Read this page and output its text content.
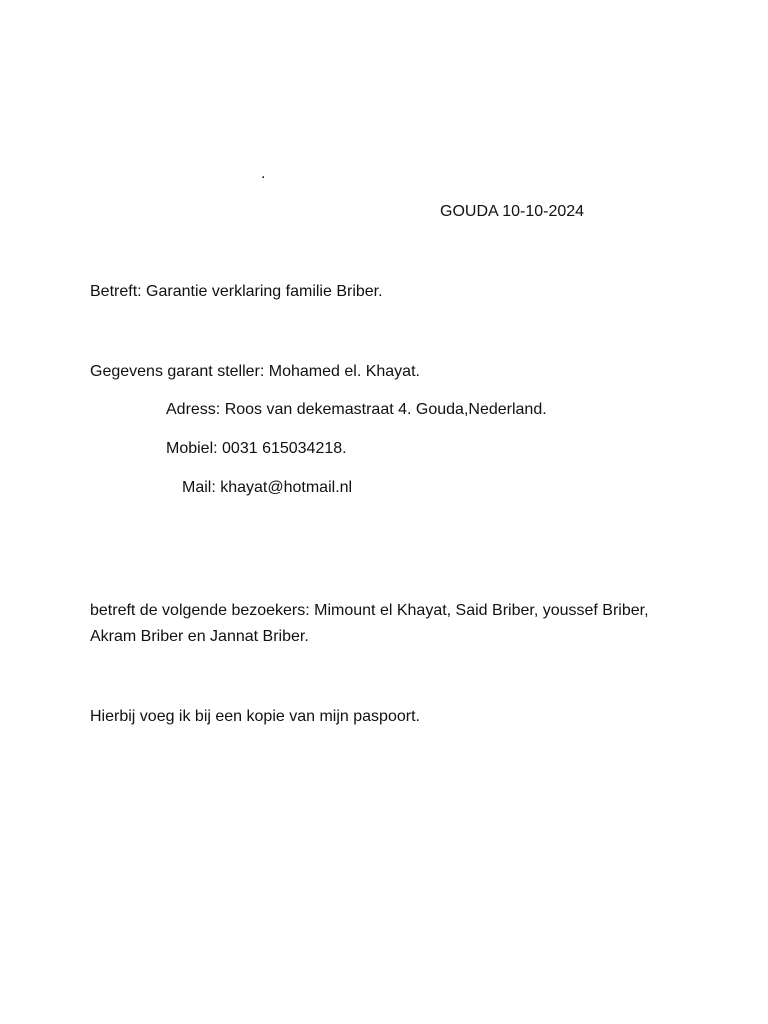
.
GOUDA 10-10-2024
Betreft: Garantie verklaring familie Briber.
Gegevens garant steller: Mohamed el. Khayat.
Adress: Roos van dekemastraat 4. Gouda,Nederland.
Mobiel: 0031 615034218.
Mail: khayat@hotmail.nl
betreft de volgende bezoekers: Mimount el Khayat, Said Briber, youssef Briber,
Akram Briber en Jannat Briber.
Hierbij voeg ik bij een kopie van mijn paspoort.
